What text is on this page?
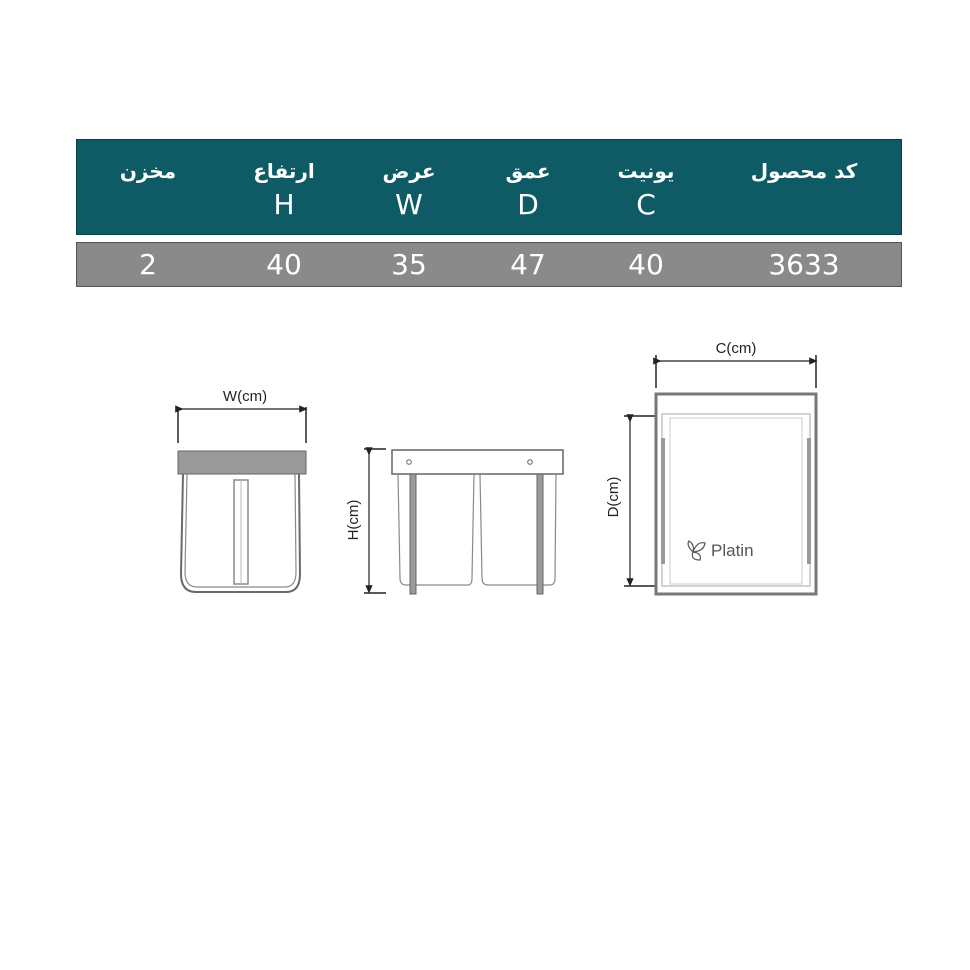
کد محصول
یونیت
C
عمق
D
عرض
W
ارتفاع
H
مخزن
3633
40
47
35
40
2
W(cm)
H(cm)
C(cm)
D(cm)
Platin
